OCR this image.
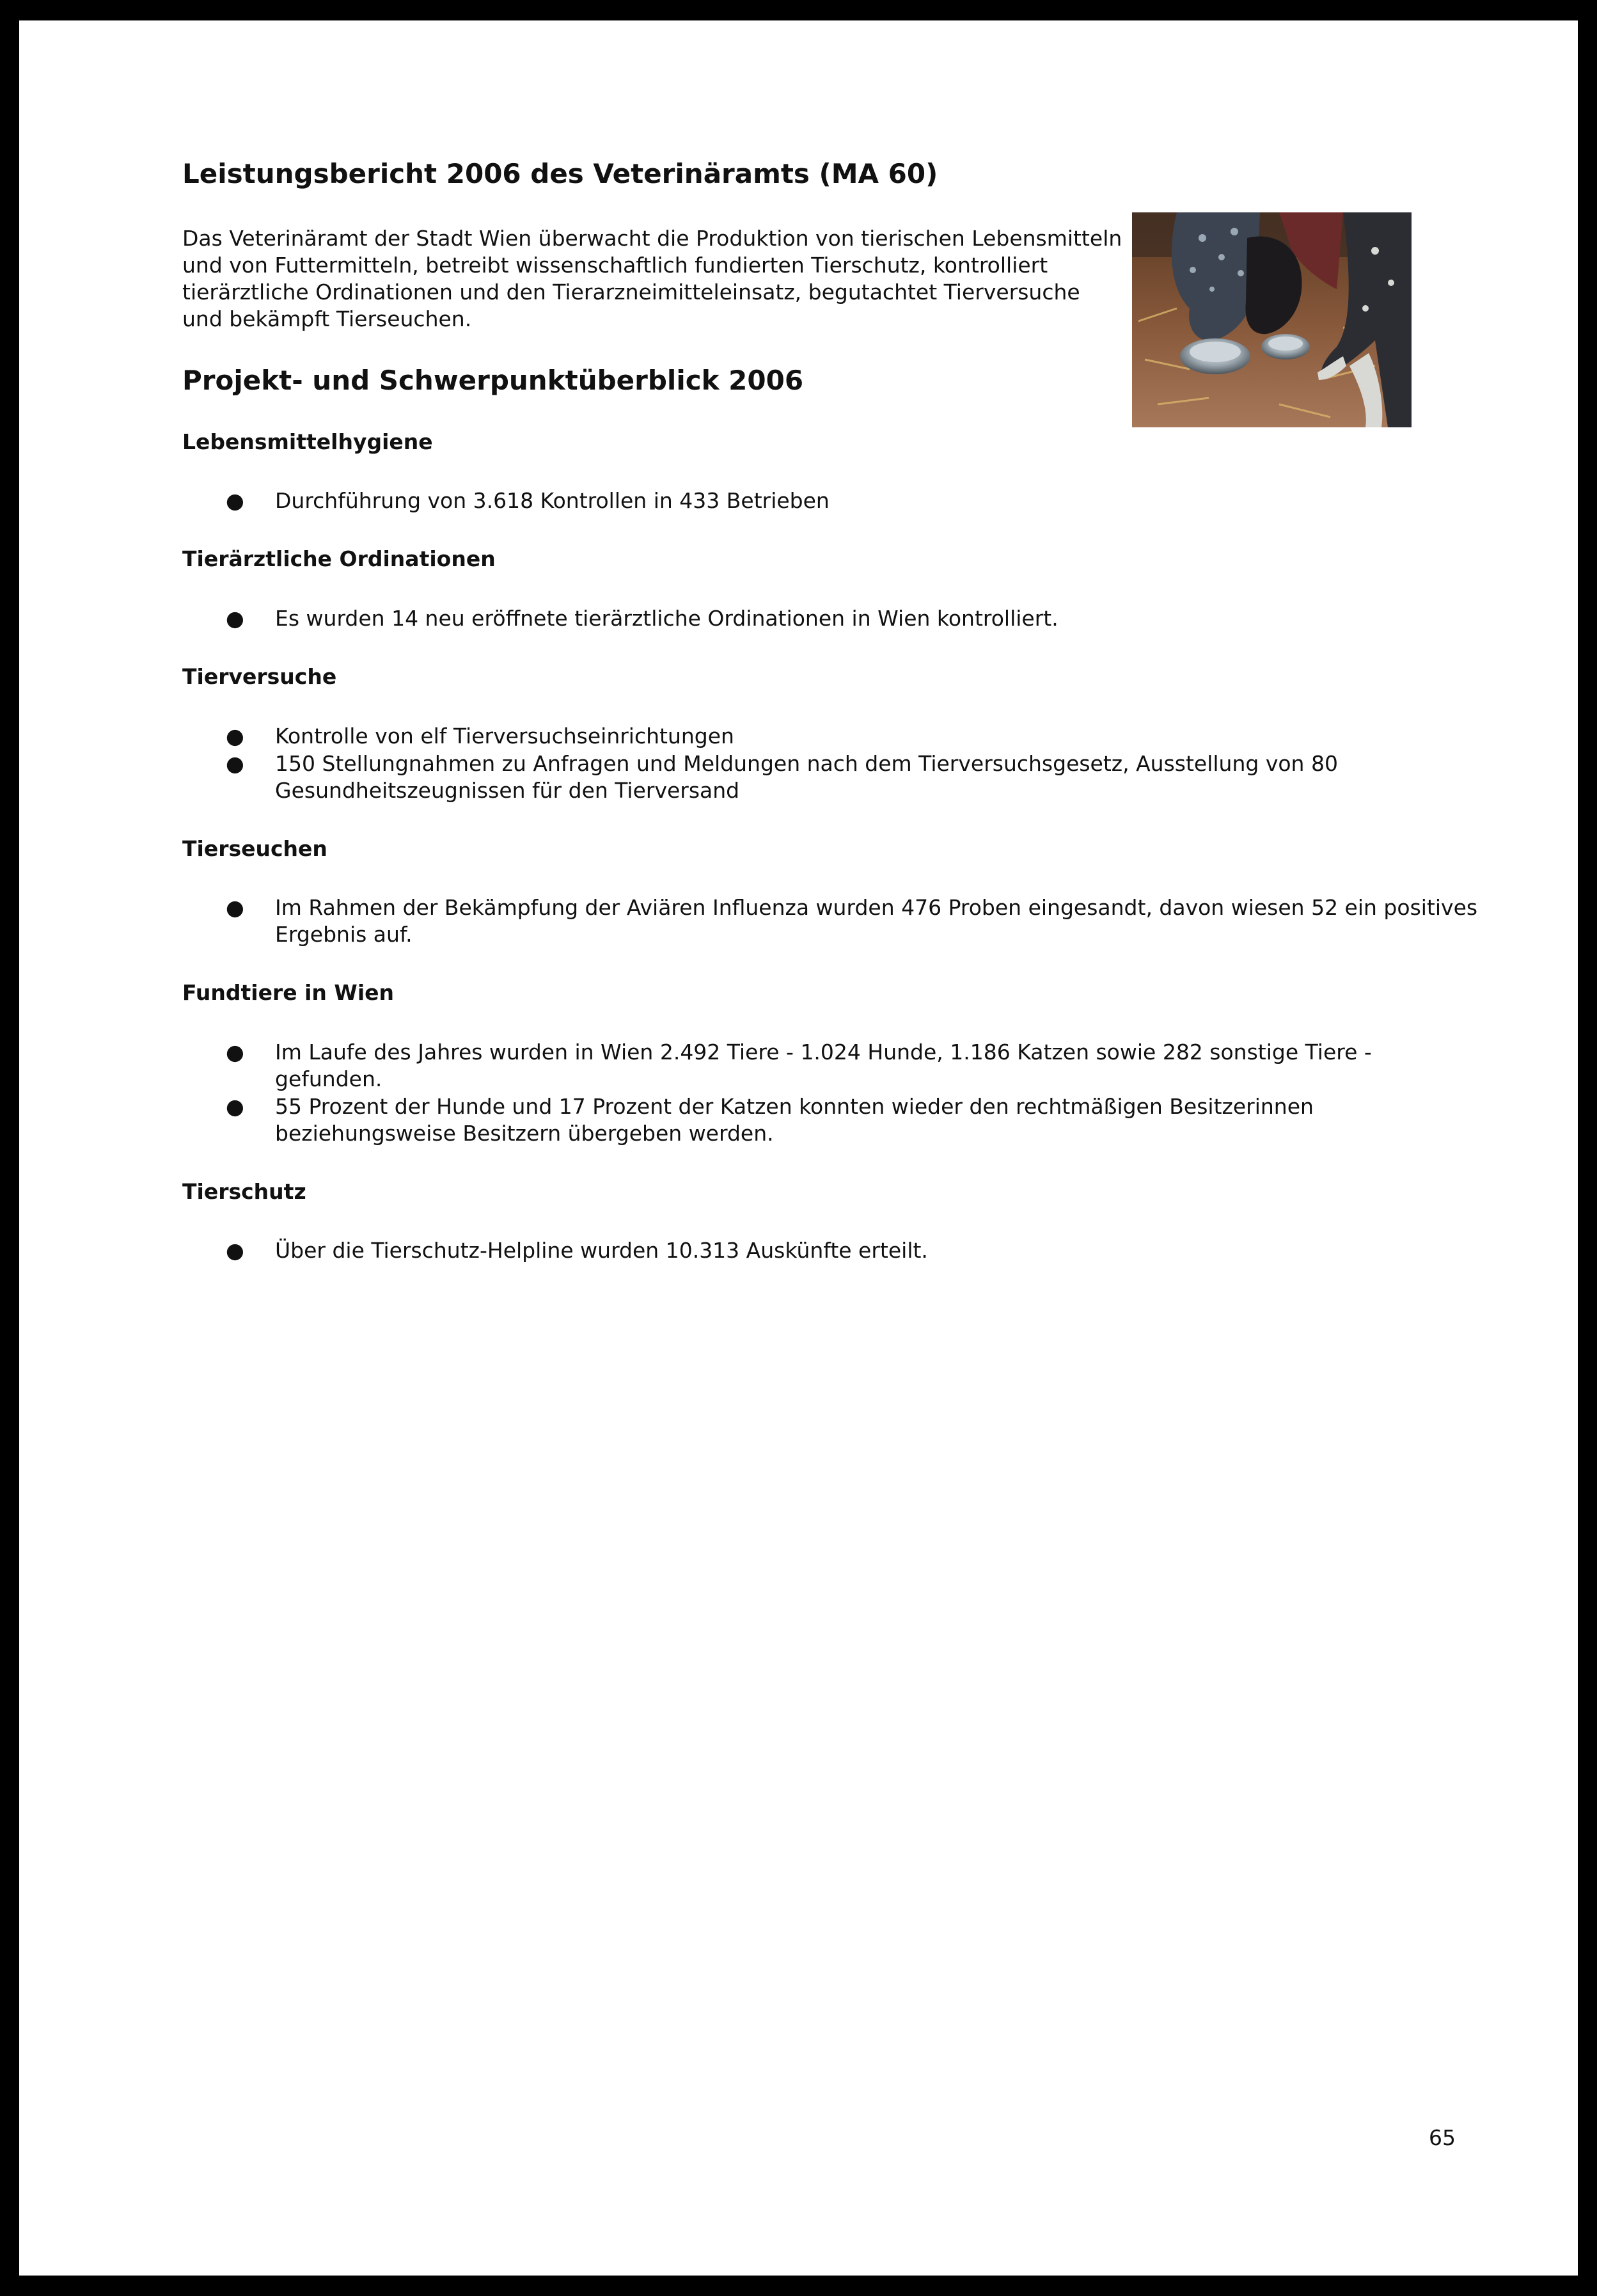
Leistungsbericht 2006 des Veterinäramts (MA 60)

Das Veterinäramt der Stadt Wien überwacht die Produktion von tierischen Lebensmitteln und von Futtermitteln, betreibt wissenschaftlich fundierten Tierschutz, kontrolliert tierärztliche Ordinationen und den Tierarzneimitteleinsatz, begutachtet Tierversuche und bekämpft Tierseuchen.

Projekt- und Schwerpunktüberblick 2006
Lebensmittelhygiene
● Durchführung von 3.618 Kontrollen in 433 Betrieben
Tierärztliche Ordinationen
● Es wurden 14 neu eröffnete tierärztliche Ordinationen in Wien kontrolliert.
Tierversuche
● Kontrolle von elf Tierversuchseinrichtungen
● 150 Stellungnahmen zu Anfragen und Meldungen nach dem Tierversuchsgesetz, Ausstellung von 80 Gesundheitszeugnissen für den Tierversand
Tierseuchen
● Im Rahmen der Bekämpfung der Aviären Influenza wurden 476 Proben eingesandt, davon wiesen 52 ein positives Ergebnis auf.
Fundtiere in Wien
● Im Laufe des Jahres wurden in Wien 2.492 Tiere - 1.024 Hunde, 1.186 Katzen sowie 282 sonstige Tiere - gefunden.
● 55 Prozent der Hunde und 17 Prozent der Katzen konnten wieder den rechtmäßigen Besitzerinnen beziehungsweise Besitzern übergeben werden.
Tierschutz
● Über die Tierschutz-Helpline wurden 10.313 Auskünfte erteilt.
65
